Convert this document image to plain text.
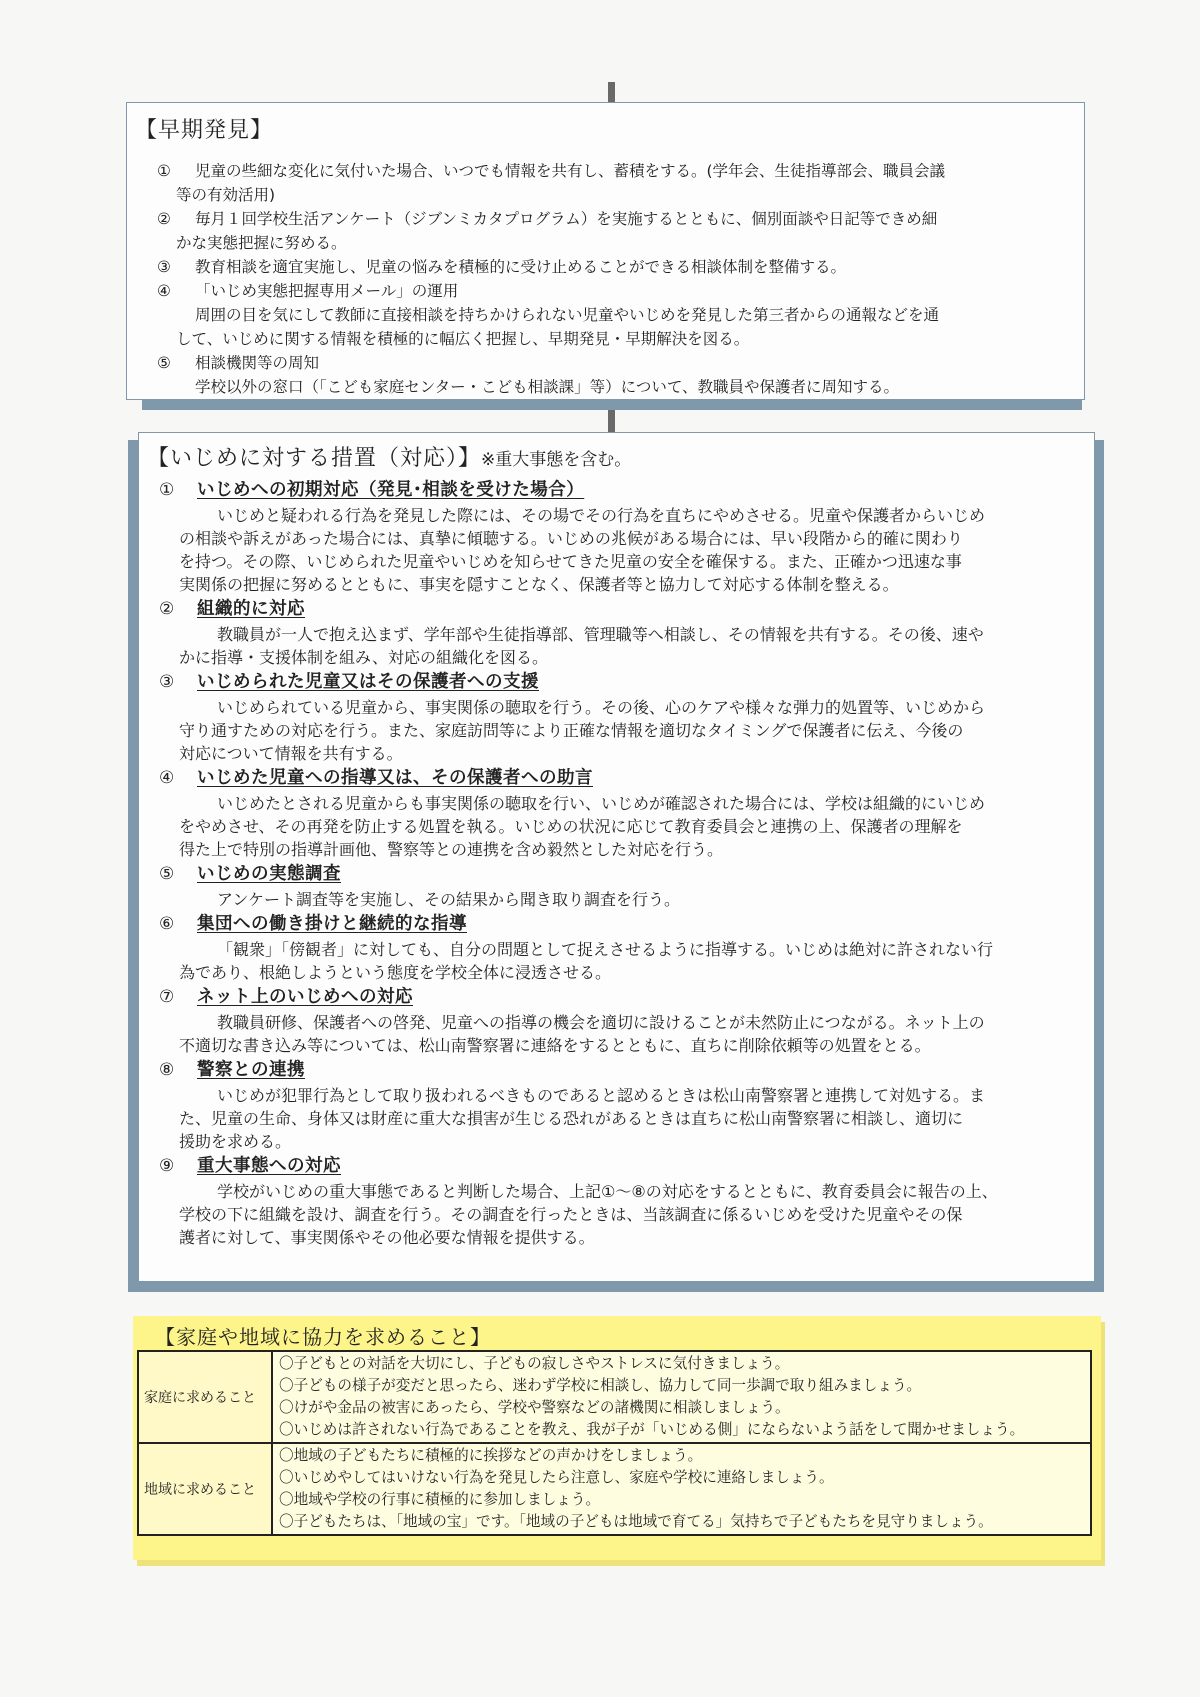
【早期発見】
①	児童の些細な変化に気付いた場合、いつでも情報を共有し、蓄積をする。(学年会、生徒指導部会、職員会議
等の有効活用)
②	毎月１回学校生活アンケート（ジブンミカタプログラム）を実施するとともに、個別面談や日記等できめ細
かな実態把握に努める。
③	教育相談を適宜実施し、児童の悩みを積極的に受け止めることができる相談体制を整備する。
④	「いじめ実態把握専用メール」の運用
周囲の目を気にして教師に直接相談を持ちかけられない児童やいじめを発見した第三者からの通報などを通
して、いじめに関する情報を積極的に幅広く把握し、早期発見・早期解決を図る。
⑤	相談機関等の周知
学校以外の窓口（「こども家庭センター・こども相談課」等）について、教職員や保護者に周知する。
【いじめに対する措置（対応）】※重大事態を含む。
①	いじめへの初期対応（発見･相談を受けた場合）
いじめと疑われる行為を発見した際には、その場でその行為を直ちにやめさせる。児童や保護者からいじめ
の相談や訴えがあった場合には、真摯に傾聴する。いじめの兆候がある場合には、早い段階から的確に関わり
を持つ。その際、いじめられた児童やいじめを知らせてきた児童の安全を確保する。また、正確かつ迅速な事
実関係の把握に努めるとともに、事実を隠すことなく、保護者等と協力して対応する体制を整える。
②	組織的に対応
教職員が一人で抱え込まず、学年部や生徒指導部、管理職等へ相談し、その情報を共有する。その後、速や
かに指導・支援体制を組み、対応の組織化を図る。
③	いじめられた児童又はその保護者への支援
いじめられている児童から、事実関係の聴取を行う。その後、心のケアや様々な弾力的処置等、いじめから
守り通すための対応を行う。また、家庭訪問等により正確な情報を適切なタイミングで保護者に伝え、今後の
対応について情報を共有する。
④	いじめた児童への指導又は、その保護者への助言
いじめたとされる児童からも事実関係の聴取を行い、いじめが確認された場合には、学校は組織的にいじめ
をやめさせ、その再発を防止する処置を執る。いじめの状況に応じて教育委員会と連携の上、保護者の理解を
得た上で特別の指導計画他、警察等との連携を含め毅然とした対応を行う。
⑤	いじめの実態調査
アンケート調査等を実施し、その結果から聞き取り調査を行う。
⑥	集団への働き掛けと継続的な指導
「観衆」「傍観者」に対しても、自分の問題として捉えさせるように指導する。いじめは絶対に許されない行
為であり、根絶しようという態度を学校全体に浸透させる。
⑦	ネット上のいじめへの対応
教職員研修、保護者への啓発、児童への指導の機会を適切に設けることが未然防止につながる。ネット上の
不適切な書き込み等については、松山南警察署に連絡をするとともに、直ちに削除依頼等の処置をとる。
⑧	警察との連携
いじめが犯罪行為として取り扱われるべきものであると認めるときは松山南警察署と連携して対処する。ま
た、児童の生命、身体又は財産に重大な損害が生じる恐れがあるときは直ちに松山南警察署に相談し、適切に
援助を求める。
⑨	重大事態への対応
学校がいじめの重大事態であると判断した場合、上記①～⑧の対応をするとともに、教育委員会に報告の上、
学校の下に組織を設け、調査を行う。その調査を行ったときは、当該調査に係るいじめを受けた児童やその保
護者に対して、事実関係やその他必要な情報を提供する。
【家庭や地域に協力を求めること】
家庭に求めること	〇子どもとの対話を大切にし、子どもの寂しさやストレスに気付きましょう。
〇子どもの様子が変だと思ったら、迷わず学校に相談し、協力して同一歩調で取り組みましょう。
〇けがや金品の被害にあったら、学校や警察などの諸機関に相談しましょう。
〇いじめは許されない行為であることを教え、我が子が「いじめる側」にならないよう話をして聞かせましょう。

地域に求めること	〇地域の子どもたちに積極的に挨拶などの声かけをしましょう。
〇いじめやしてはいけない行為を発見したら注意し、家庭や学校に連絡しましょう。
〇地域や学校の行事に積極的に参加しましょう。
〇子どもたちは、「地域の宝」です。「地域の子どもは地域で育てる」気持ちで子どもたちを見守りましょう。
